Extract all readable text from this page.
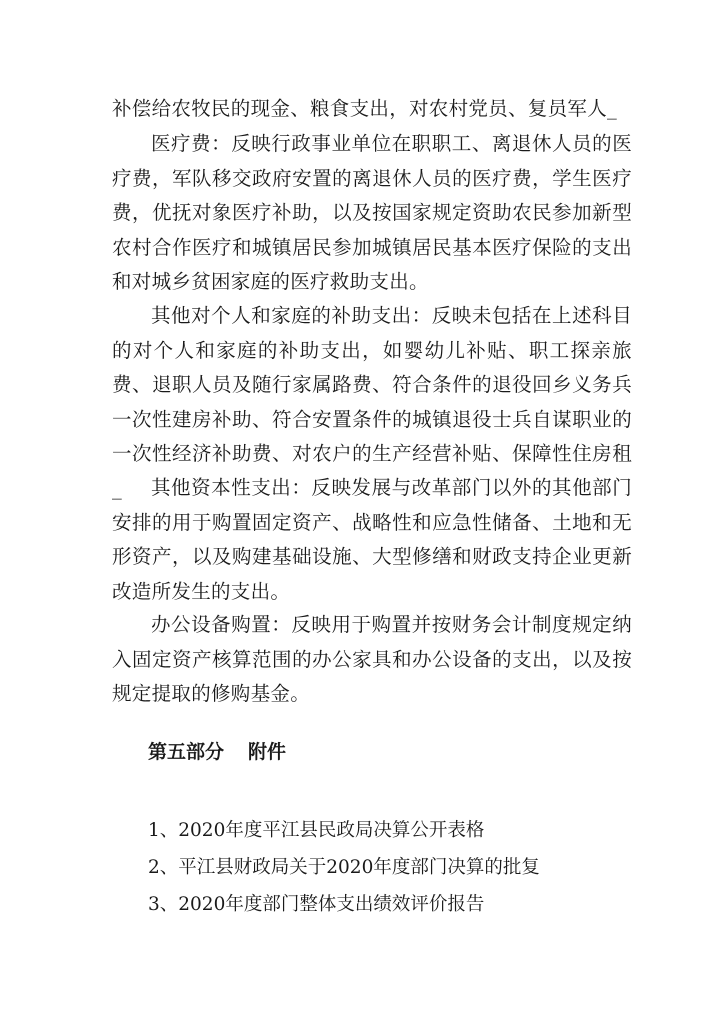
补偿给农牧民的现金、粮食支出，对农村党员、复员军人_

医疗费：反映行政事业单位在职职工、离退休人员的医疗费，军队移交政府安置的离退休人员的医疗费，学生医疗费，优抚对象医疗补助，以及按国家规定资助农民参加新型农村合作医疗和城镇居民参加城镇居民基本医疗保险的支出和对城乡贫困家庭的医疗救助支出。

其他对个人和家庭的补助支出：反映未包括在上述科目的对个人和家庭的补助支出，如婴幼儿补贴、职工探亲旅费、退职人员及随行家属路费、符合条件的退役回乡义务兵一次性建房补助、符合安置条件的城镇退役士兵自谋职业的一次性经济补助费、对农户的生产经营补贴、保障性住房租_	其他资本性支出：反映发展与改革部门以外的其他部门安排的用于购置固定资产、战略性和应急性储备、土地和无形资产，以及购建基础设施、大型修缮和财政支持企业更新改造所发生的支出。

办公设备购置：反映用于购置并按财务会计制度规定纳入固定资产核算范围的办公家具和办公设备的支出，以及按规定提取的修购基金。

第五部分 附件
1、2020年度平江县民政局决算公开表格
2、平江县财政局关于2020年度部门决算的批复
3、2020年度部门整体支出绩效评价报告
